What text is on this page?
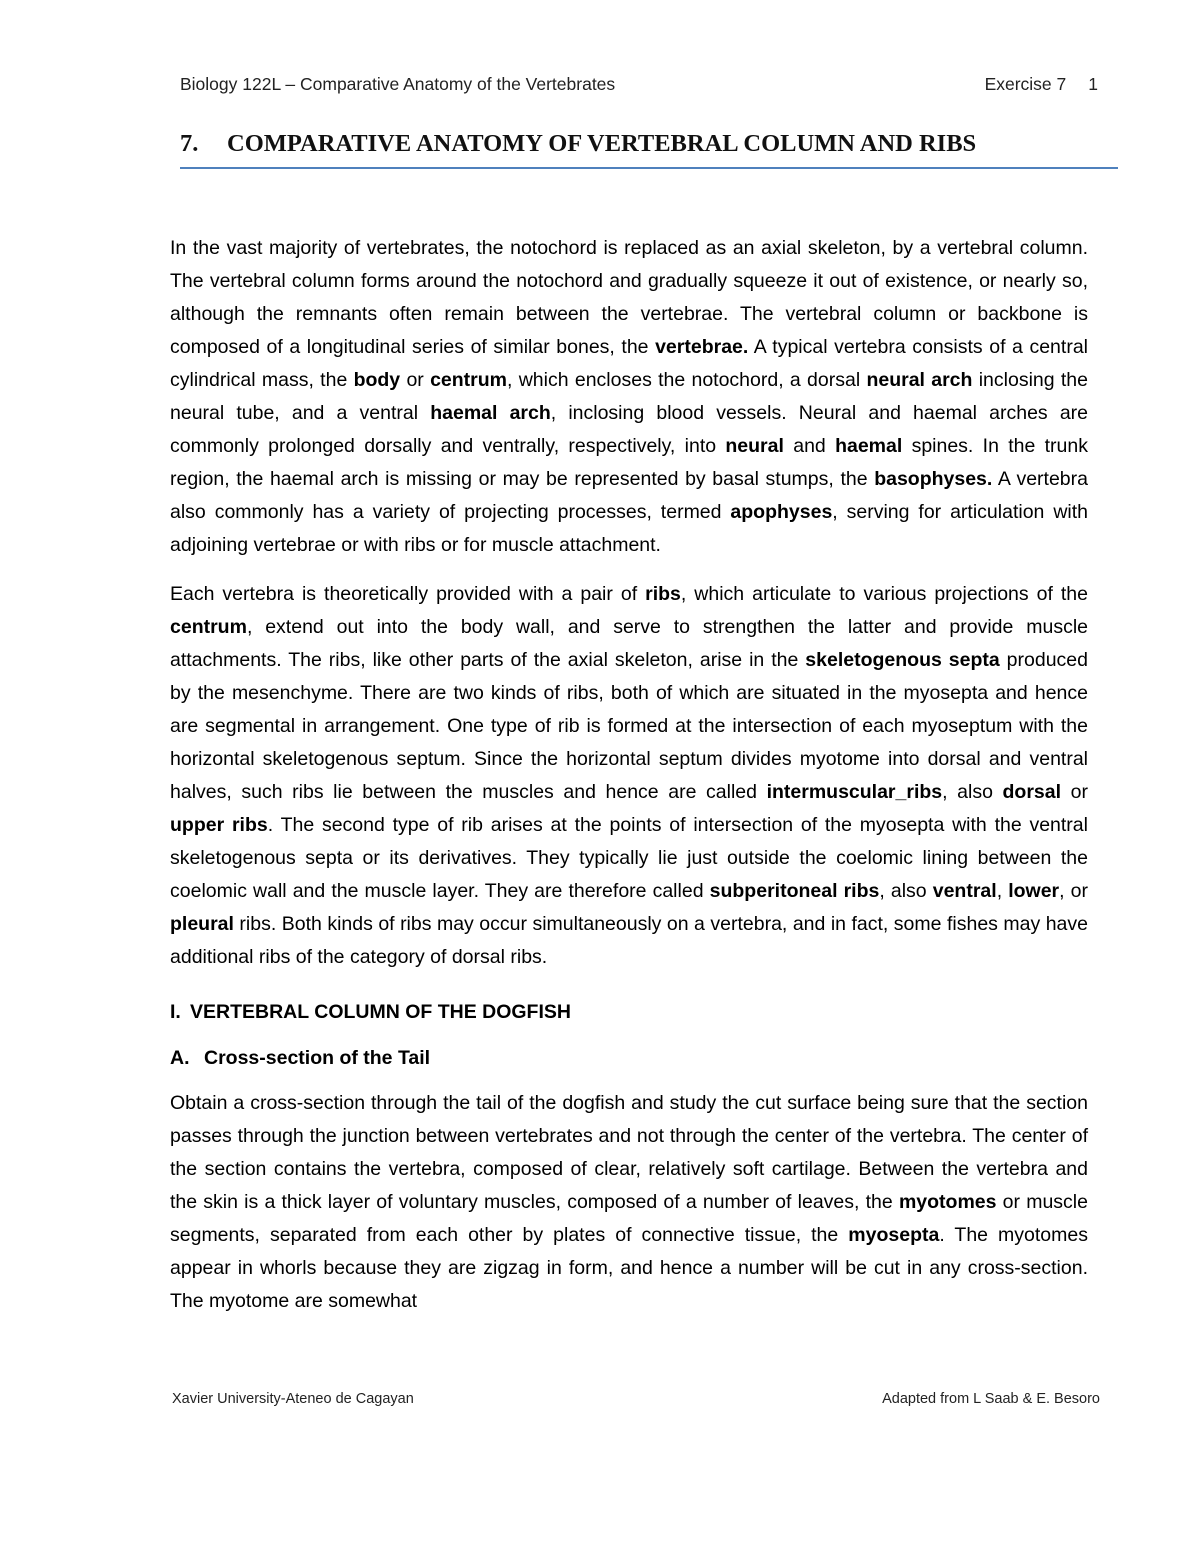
Biology 122L – Comparative Anatomy of the Vertebrates	Exercise 7 1
7. COMPARATIVE ANATOMY OF VERTEBRAL COLUMN AND RIBS

In the vast majority of vertebrates, the notochord is replaced as an axial skeleton, by a vertebral column. The vertebral column forms around the notochord and gradually squeeze it out of existence, or nearly so, although the remnants often remain between the vertebrae. The vertebral column or backbone is composed of a longitudinal series of similar bones, the vertebrae. A typical vertebra consists of a central cylindrical mass, the body or centrum, which encloses the notochord, a dorsal neural arch inclosing the neural tube, and a ventral haemal arch, inclosing blood vessels. Neural and haemal arches are commonly prolonged dorsally and ventrally, respectively, into neural and haemal spines. In the trunk region, the haemal arch is missing or may be represented by basal stumps, the basophyses. A vertebra also commonly has a variety of projecting processes, termed apophyses, serving for articulation with adjoining vertebrae or with ribs or for muscle attachment.

Each vertebra is theoretically provided with a pair of ribs, which articulate to various projections of the centrum, extend out into the body wall, and serve to strengthen the latter and provide muscle attachments. The ribs, like other parts of the axial skeleton, arise in the skeletogenous septa produced by the mesenchyme. There are two kinds of ribs, both of which are situated in the myosepta and hence are segmental in arrangement. One type of rib is formed at the intersection of each myoseptum with the horizontal skeletogenous septum. Since the horizontal septum divides myotome into dorsal and ventral halves, such ribs lie between the muscles and hence are called intermuscular_ribs, also dorsal or upper ribs. The second type of rib arises at the points of intersection of the myosepta with the ventral skeletogenous septa or its derivatives. They typically lie just outside the coelomic lining between the coelomic wall and the muscle layer. They are therefore called subperitoneal ribs, also ventral, lower, or pleural ribs. Both kinds of ribs may occur simultaneously on a vertebra, and in fact, some fishes may have additional ribs of the category of dorsal ribs.

I. VERTEBRAL COLUMN OF THE DOGFISH

A. Cross-section of the Tail

Obtain a cross-section through the tail of the dogfish and study the cut surface being sure that the section passes through the junction between vertebrates and not through the center of the vertebra. The center of the section contains the vertebra, composed of clear, relatively soft cartilage. Between the vertebra and the skin is a thick layer of voluntary muscles, composed of a number of leaves, the myotomes or muscle segments, separated from each other by plates of connective tissue, the myosepta. The myotomes appear in whorls because they are zigzag in form, and hence a number will be cut in any cross-section. The myotome are somewhat

Xavier University-Ateneo de Cagayan	Adapted from L Saab & E. Besoro
